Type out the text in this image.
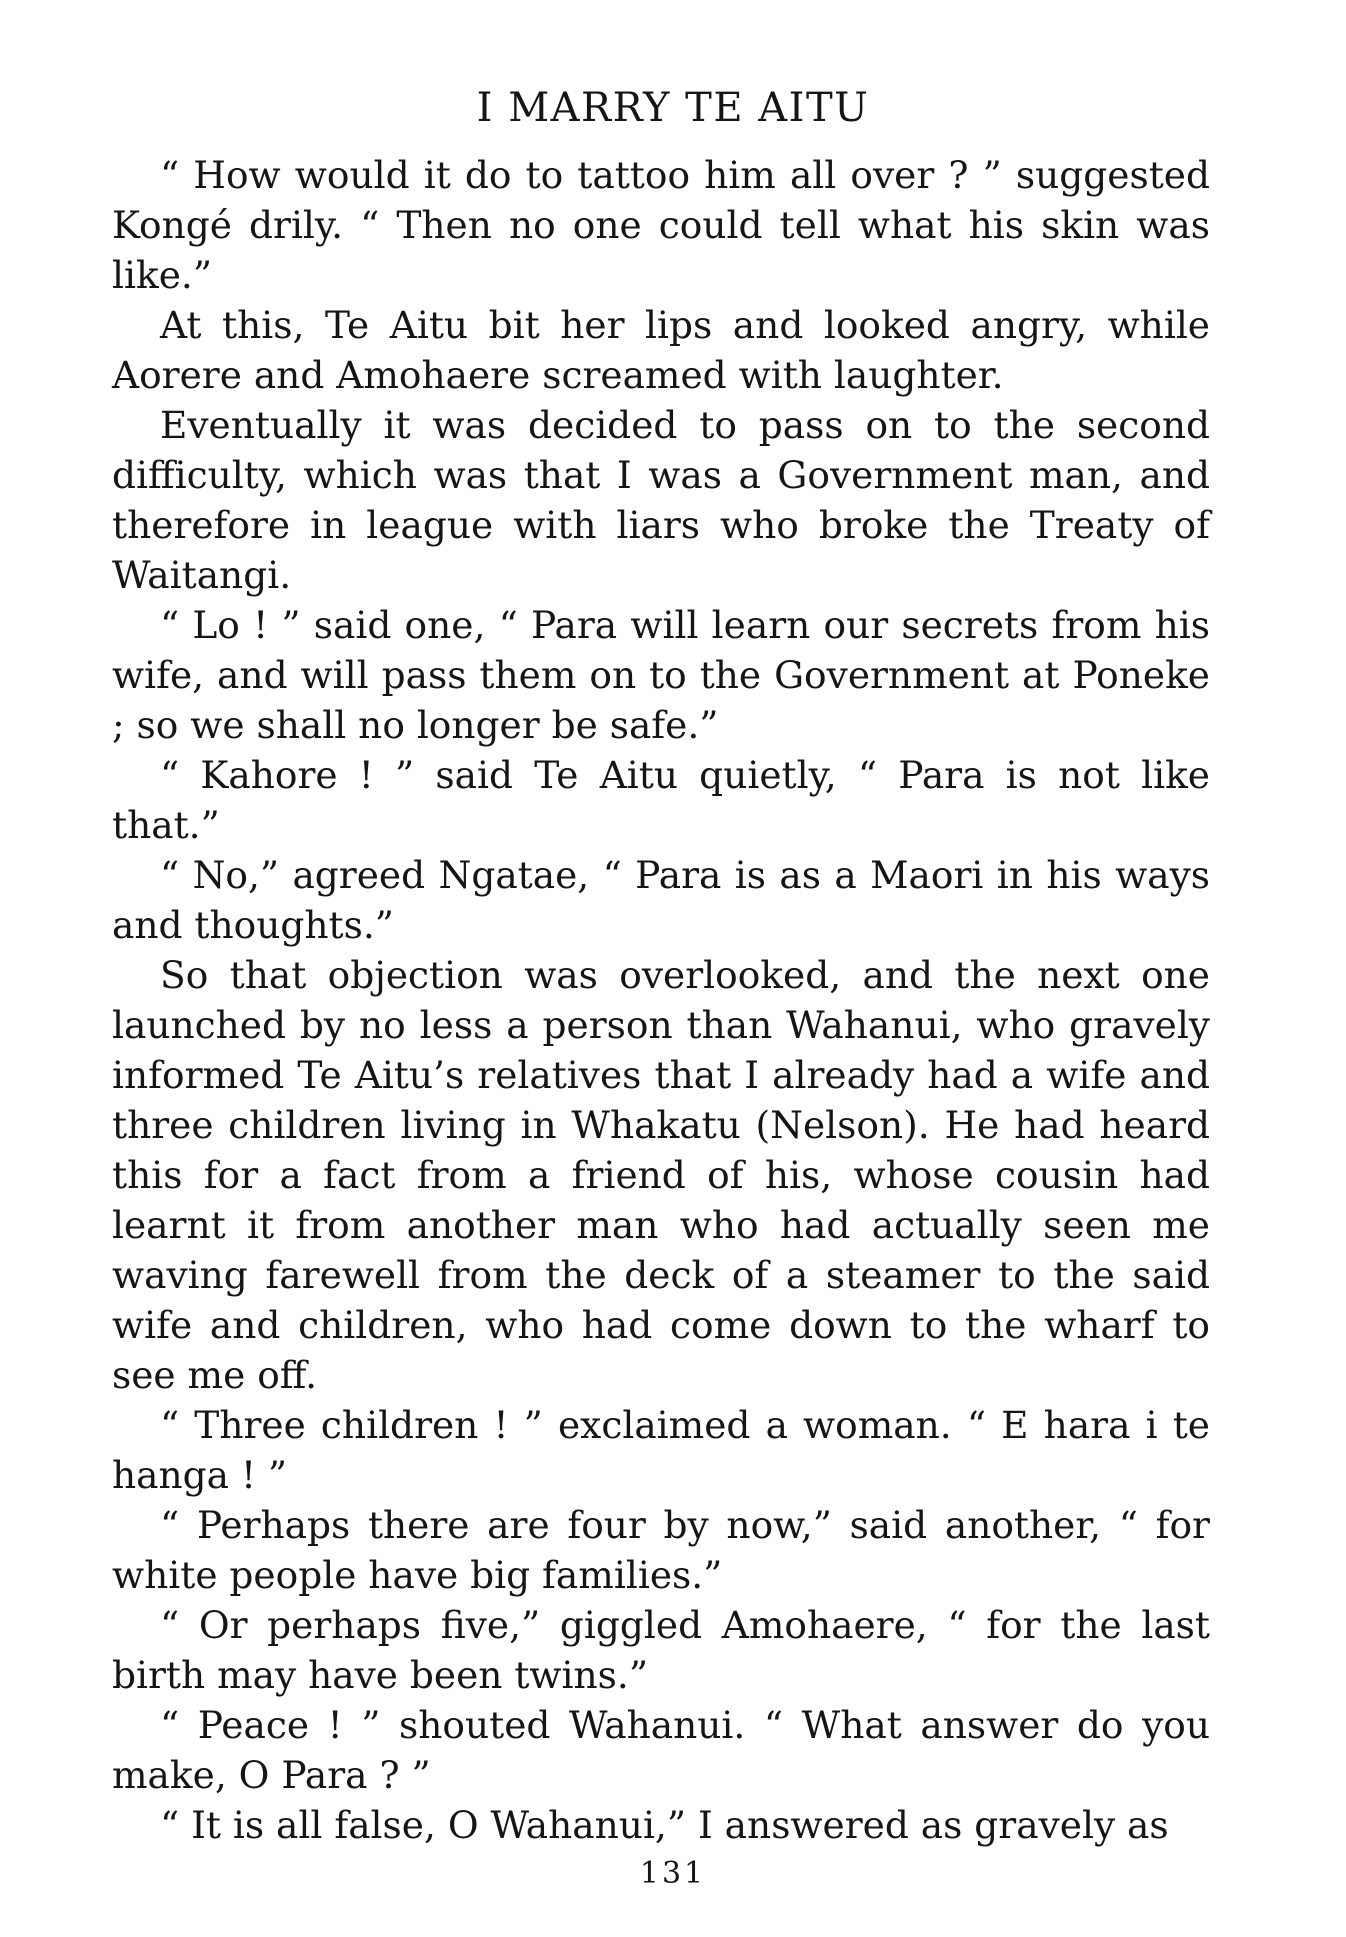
I MARRY TE AITU

“ How would it do to tattoo him all over ? ” suggested Kongé drily. “ Then no one could tell what his skin was like.”

At this, Te Aitu bit her lips and looked angry, while Aorere and Amohaere screamed with laughter.

Eventually it was decided to pass on to the second difficulty, which was that I was a Government man, and therefore in league with liars who broke the Treaty of Waitangi.

“ Lo ! ” said one, “ Para will learn our secrets from his wife, and will pass them on to the Government at Poneke ; so we shall no longer be safe.”

“ Kahore ! ” said Te Aitu quietly, “ Para is not like that.”

“ No,” agreed Ngatae, “ Para is as a Maori in his ways and thoughts.”

So that objection was overlooked, and the next one launched by no less a person than Wahanui, who gravely informed Te Aitu’s relatives that I already had a wife and three children living in Whakatu (Nelson). He had heard this for a fact from a friend of his, whose cousin had learnt it from another man who had actually seen me waving farewell from the deck of a steamer to the said wife and children, who had come down to the wharf to see me off.

“ Three children ! ” exclaimed a woman. “ E hara i te hanga ! ”

“ Perhaps there are four by now,” said another, “ for white people have big families.”

“ Or perhaps five,” giggled Amohaere, “ for the last birth may have been twins.”

“ Peace ! ” shouted Wahanui. “ What answer do you make, O Para ? ”

“ It is all false, O Wahanui,” I answered as gravely as

131
